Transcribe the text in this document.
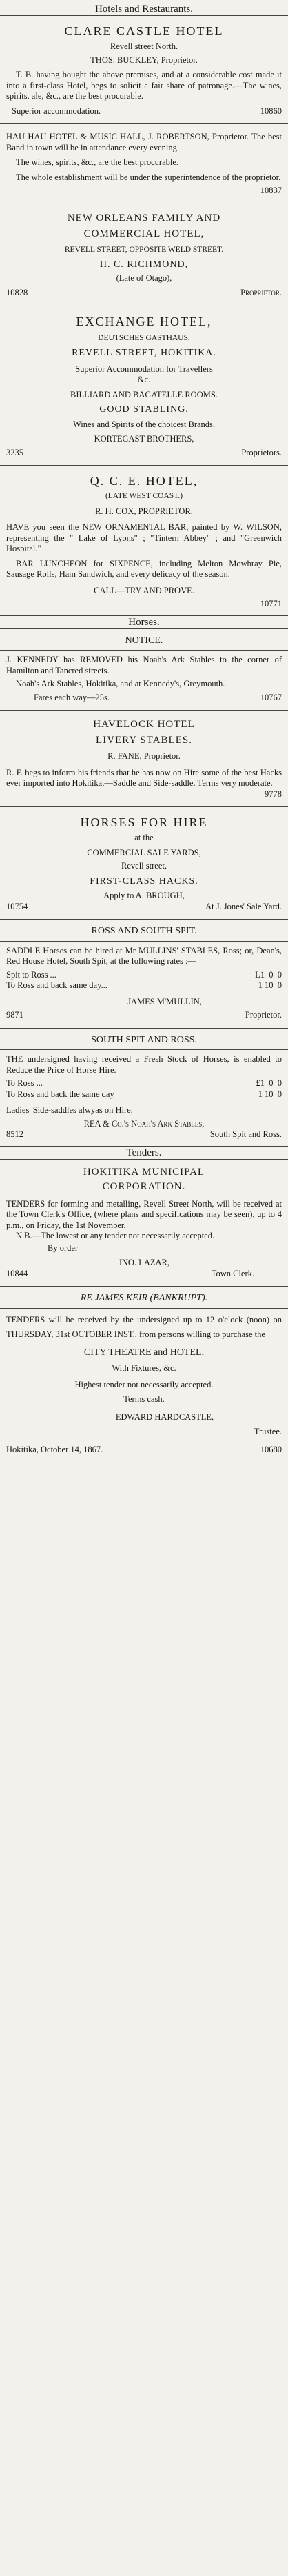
Hotels and Restaurants.
CLARE CASTLE HOTEL
Revell street North.
THOS. BUCKLEY, Proprietor.

T. B. having bought the above premises, and at a considerable cost made it into a first-class Hotel, begs to solicit a fair share of patronage.—The wines, spirits, ale, &c., are the best procurable.

Superior accommodation.	10860

HAU HAU HOTEL & MUSIC HALL, J. ROBERTSON, Proprietor. The best Band in town will be in attendance every evening.

The wines, spirits, &c., are the best procurable.

The whole establishment will be under the superintendence of the proprietor.

10837
NEW ORLEANS FAMILY AND
COMMERCIAL HOTEL,
REVELL STREET, OPPOSITE WELD STREET.
H. C. RICHMOND,
(Late of Otago),
10828	Proprietor.
EXCHANGE HOTEL,
DEUTSCHES GASTHAUS,
REVELL STREET, HOKITIKA.
Superior Accommodation for Travellers
&c.
BILLIARD AND BAGATELLE ROOMS.
GOOD STABLING.
Wines and Spirits of the choicest Brands.
KORTEGAST BROTHERS,
3235	Proprietors.
Q. C. E. HOTEL,
(LATE WEST COAST.)
R. H. COX, PROPRIETOR.

HAVE you seen the NEW ORNAMENTAL BAR, painted by W. WILSON, representing the " Lake of Lyons" ; "Tintern Abbey" ; and "Greenwich Hospital."

BAR LUNCHEON for SIXPENCE, including Melton Mowbray Pie, Sausage Rolls, Ham Sandwich, and every delicacy of the season.

CALL—TRY AND PROVE.
10771
Horses.
NOTICE.

J. KENNEDY has REMOVED his Noah's Ark Stables to the corner of Hamilton and Tancred streets.

Noah's Ark Stables, Hokitika, and at Kennedy's, Greymouth.

Fares each way—25s.	10767
HAVELOCK HOTEL
LIVERY STABLES.
R. FANE, Proprietor.

R. F. begs to inform his friends that he has now on Hire some of the best Hacks ever imported into Hokitika,—Saddle and Side-saddle. Terms very moderate.

9778
HORSES FOR HIRE
at the
COMMERCIAL SALE YARDS,
Revell street,
FIRST-CLASS HACKS.
Apply to A. BROUGH,
10754	At J. Jones' Sale Yard.
ROSS AND SOUTH SPIT.

SADDLE Horses can be hired at Mr MULLINS' STABLES, Ross; or, Dean's, Red House Hotel, South Spit, at the following rates :—

Spit to Ross ...	L1  0  0
To Ross and back same day...	1 10  0
JAMES M'MULLIN,
9871	Proprietor.
SOUTH SPIT AND ROSS.

THE undersigned having received a Fresh Stock of Horses, is enabled to Reduce the Price of Horse Hire.

To Ross ...	£1  0  0
To Ross and back the same day	1 10  0
Ladies' Side-saddles alwyas on Hire.
REA & Co.'s Noah's Ark Stables,
8512	South Spit and Ross.
Tenders.
HOKITIKA MUNICIPAL
CORPORATION.

TENDERS for forming and metalling, Revell Street North, will be received at the Town Clerk's Office, (where plans and specifications may be seen), up to 4 p.m., on Friday, the 1st November.

N.B.—The lowest or any tender not necessarily accepted.

By order
JNO. LAZAR,
10844	Town Clerk.
RE JAMES KEIR (BANKRUPT).

TENDERS will be received by the undersigned up to 12 o'clock (noon) on THURSDAY, 31st OCTOBER INST., from persons willing to purchase the

CITY THEATRE and HOTEL,
With Fixtures, &c.
Highest tender not necessarily accepted.
Terms cash.
EDWARD HARDCASTLE,
Trustee.
Hokitika, October 14, 1867.	10680
